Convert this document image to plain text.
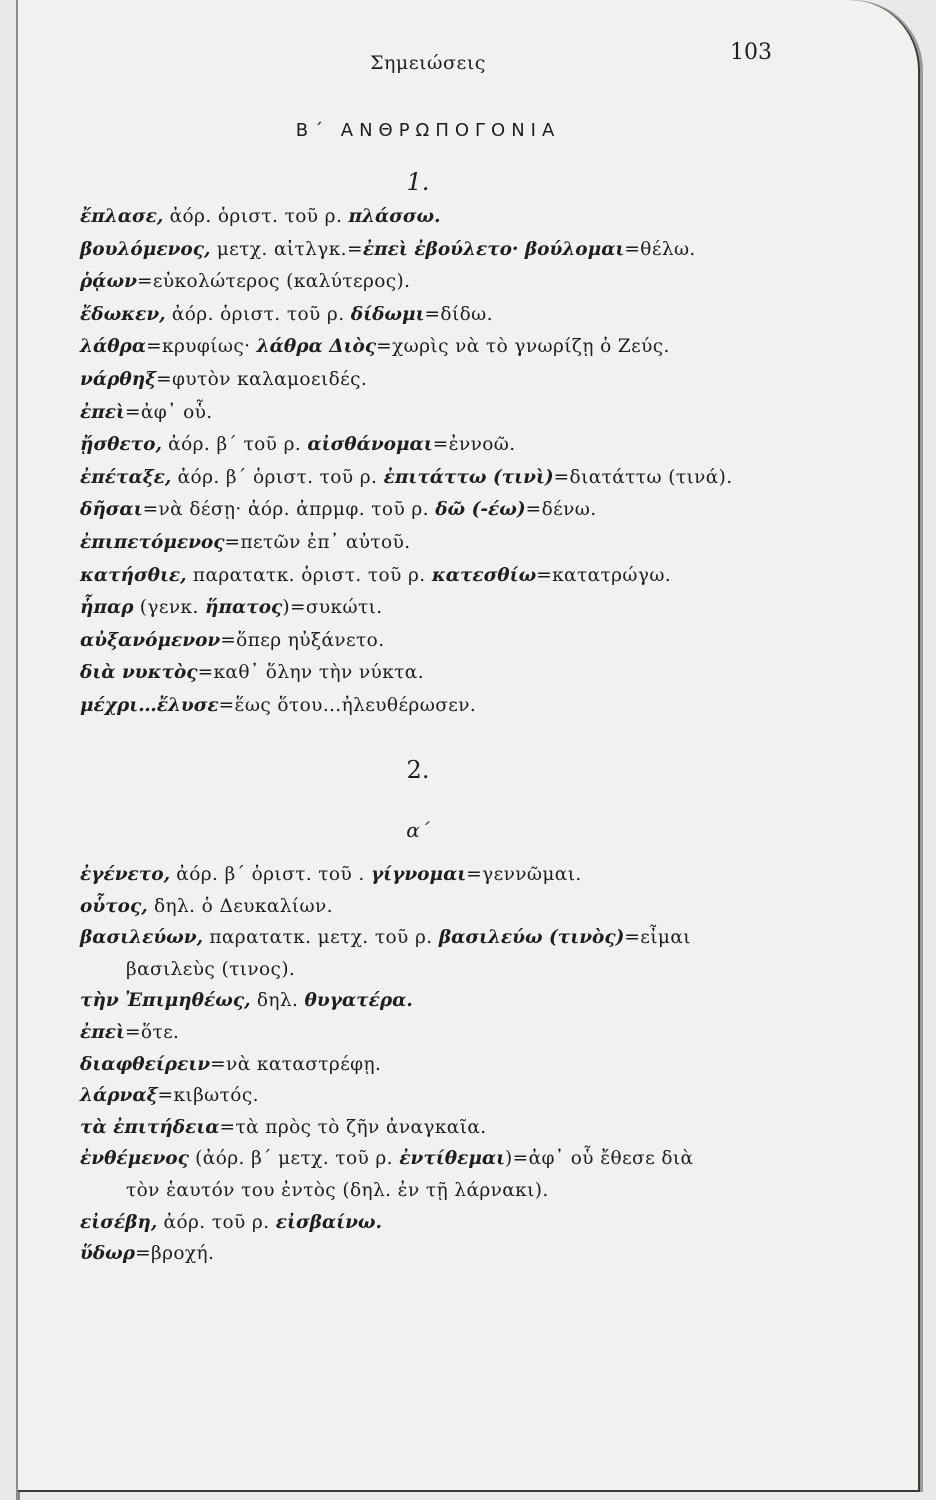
Σημειώσεις	103
Β΄ ΑΝΘΡΩΠΟΓΟΝΙΑ
1.
ἔπλασε, ἀόρ. ὁριστ. τοῦ ρ. πλάσσω.
βουλόμενος, μετχ. αἰτλγκ.=ἐπεὶ ἐβούλετο· βούλομαι=θέλω.
ῥᾴων=εὐκολώτερος (καλύτερος).
ἔδωκεν, ἀόρ. ὁριστ. τοῦ ρ. δίδωμι=δίδω.
λάθρα=κρυφίως· λάθρα Διὸς=χωρὶς νὰ τὸ γνωρίζῃ ὁ Ζεύς.
νάρθηξ=φυτὸν καλαμοειδές.
ἐπεὶ=ἀφ᾽ οὗ.
ᾔσθετο, ἀόρ. β΄ τοῦ ρ. αἰσθάνομαι=ἐννοῶ.
ἐπέταξε, ἀόρ. β΄ ὁριστ. τοῦ ρ. ἐπιτάττω (τινὶ)=διατάττω (τινά).
δῆσαι=νὰ δέσῃ· ἀόρ. ἀπρμφ. τοῦ ρ. δῶ (-έω)=δένω.
ἐπιπετόμενος=πετῶν ἐπ᾽ αὐτοῦ.
κατήσθιε, παρατατκ. ὁριστ. τοῦ ρ. κατεσθίω=κατατρώγω.
ἧπαρ (γενκ. ἥπατος)=συκώτι.
αὐξανόμενον=ὅπερ ηὐξάνετο.
διὰ νυκτὸς=καθ᾽ ὅλην τὴν νύκτα.
μέχρι…ἔλυσε=ἕως ὅτου…ἠλευθέρωσεν.
2.
α΄
ἐγένετο, ἀόρ. β΄ ὁριστ. τοῦ . γίγνομαι=γεννῶμαι.
οὗτος, δηλ. ὁ Δευκαλίων.
βασιλεύων, παρατατκ. μετχ. τοῦ ρ. βασιλεύω (τινὸς)=εἶμαι
βασιλεὺς (τινος).
τὴν Ἐπιμηθέως, δηλ. θυγατέρα.
ἐπεὶ=ὅτε.
διαφθείρειν=νὰ καταστρέφῃ.
λάρναξ=κιβωτός.
τὰ ἐπιτήδεια=τὰ πρὸς τὸ ζῆν ἀναγκαῖα.
ἐνθέμενος (ἀόρ. β΄ μετχ. τοῦ ρ. ἐντίθεμαι)=ἀφ᾽ οὗ ἔθεσε διὰ
τὸν ἑαυτόν του ἐντὸς (δηλ. ἐν τῇ λάρνακι).
εἰσέβη, ἀόρ. τοῦ ρ. εἰσβαίνω.
ὕδωρ=βροχή.
